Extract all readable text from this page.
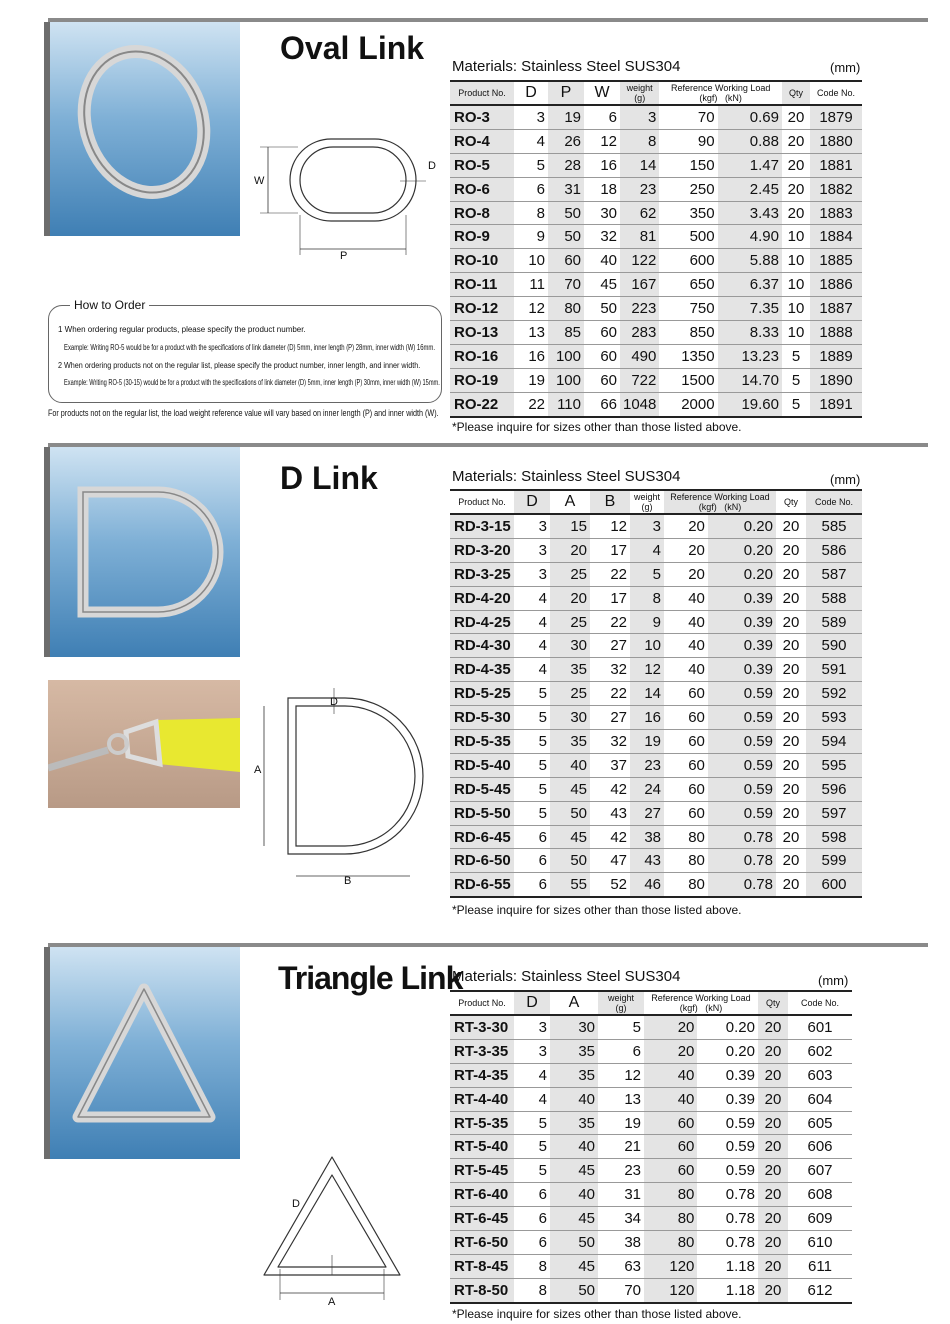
Oval Link
W
P
D
Materials: Stainless Steel SUS304	(mm)
Product No.	D	P	W	weight
(g)	Reference Working Load
(kgf) (kN)		Qty	Code No.
RO-3	3	19	6	3	70	0.69	20	1879
RO-4	4	26	12	8	90	0.88	20	1880
RO-5	5	28	16	14	150	1.47	20	1881
RO-6	6	31	18	23	250	2.45	20	1882
RO-8	8	50	30	62	350	3.43	20	1883
RO-9	9	50	32	81	500	4.90	10	1884
RO-10	10	60	40	122	600	5.88	10	1885
RO-11	11	70	45	167	650	6.37	10	1886
RO-12	12	80	50	223	750	7.35	10	1887
RO-13	13	85	60	283	850	8.33	10	1888
RO-16	16	100	60	490	1350	13.23	5	1889
RO-19	19	100	60	722	1500	14.70	5	1890
RO-22	22	110	66	1048	2000	19.60	5	1891
*Please inquire for sizes other than those listed above.
How to Order
1 When ordering regular products, please specify the product number.
Example: Writing RO-5 would be for a product with the specifications of link diameter (D) 5mm, inner length (P) 28mm, inner width (W) 16mm.
2 When ordering products not on the regular list, please specify the product number, inner length, and inner width.
Example: Writing RO-5 (30-15) would be for a product with the specifications of link diameter (D) 5mm, inner length (P) 30mm, inner width (W) 15mm.
For products not on the regular list, the load weight reference value will vary based on inner length (P) and inner width (W).
D Link
D
A
B
Materials: Stainless Steel SUS304	(mm)
Product No.	D	A	B	weight
(g)	Reference Working Load
(kgf) (kN)		Qty	Code No.
RD-3-15	3	15	12	3	20	0.20	20	585
RD-3-20	3	20	17	4	20	0.20	20	586
RD-3-25	3	25	22	5	20	0.20	20	587
RD-4-20	4	20	17	8	40	0.39	20	588
RD-4-25	4	25	22	9	40	0.39	20	589
RD-4-30	4	30	27	10	40	0.39	20	590
RD-4-35	4	35	32	12	40	0.39	20	591
RD-5-25	5	25	22	14	60	0.59	20	592
RD-5-30	5	30	27	16	60	0.59	20	593
RD-5-35	5	35	32	19	60	0.59	20	594
RD-5-40	5	40	37	23	60	0.59	20	595
RD-5-45	5	45	42	24	60	0.59	20	596
RD-5-50	5	50	43	27	60	0.59	20	597
RD-6-45	6	45	42	38	80	0.78	20	598
RD-6-50	6	50	47	43	80	0.78	20	599
RD-6-55	6	55	52	46	80	0.78	20	600
*Please inquire for sizes other than those listed above.
Triangle Link
D
A
Materials: Stainless Steel SUS304	(mm)
Product No.	D	A	weight
(g)	Reference Working Load
(kgf) (kN)		Qty	Code No.
RT-3-30	3	30	5	20	0.20	20	601
RT-3-35	3	35	6	20	0.20	20	602
RT-4-35	4	35	12	40	0.39	20	603
RT-4-40	4	40	13	40	0.39	20	604
RT-5-35	5	35	19	60	0.59	20	605
RT-5-40	5	40	21	60	0.59	20	606
RT-5-45	5	45	23	60	0.59	20	607
RT-6-40	6	40	31	80	0.78	20	608
RT-6-45	6	45	34	80	0.78	20	609
RT-6-50	6	50	38	80	0.78	20	610
RT-8-45	8	45	63	120	1.18	20	611
RT-8-50	8	50	70	120	1.18	20	612
*Please inquire for sizes other than those listed above.
